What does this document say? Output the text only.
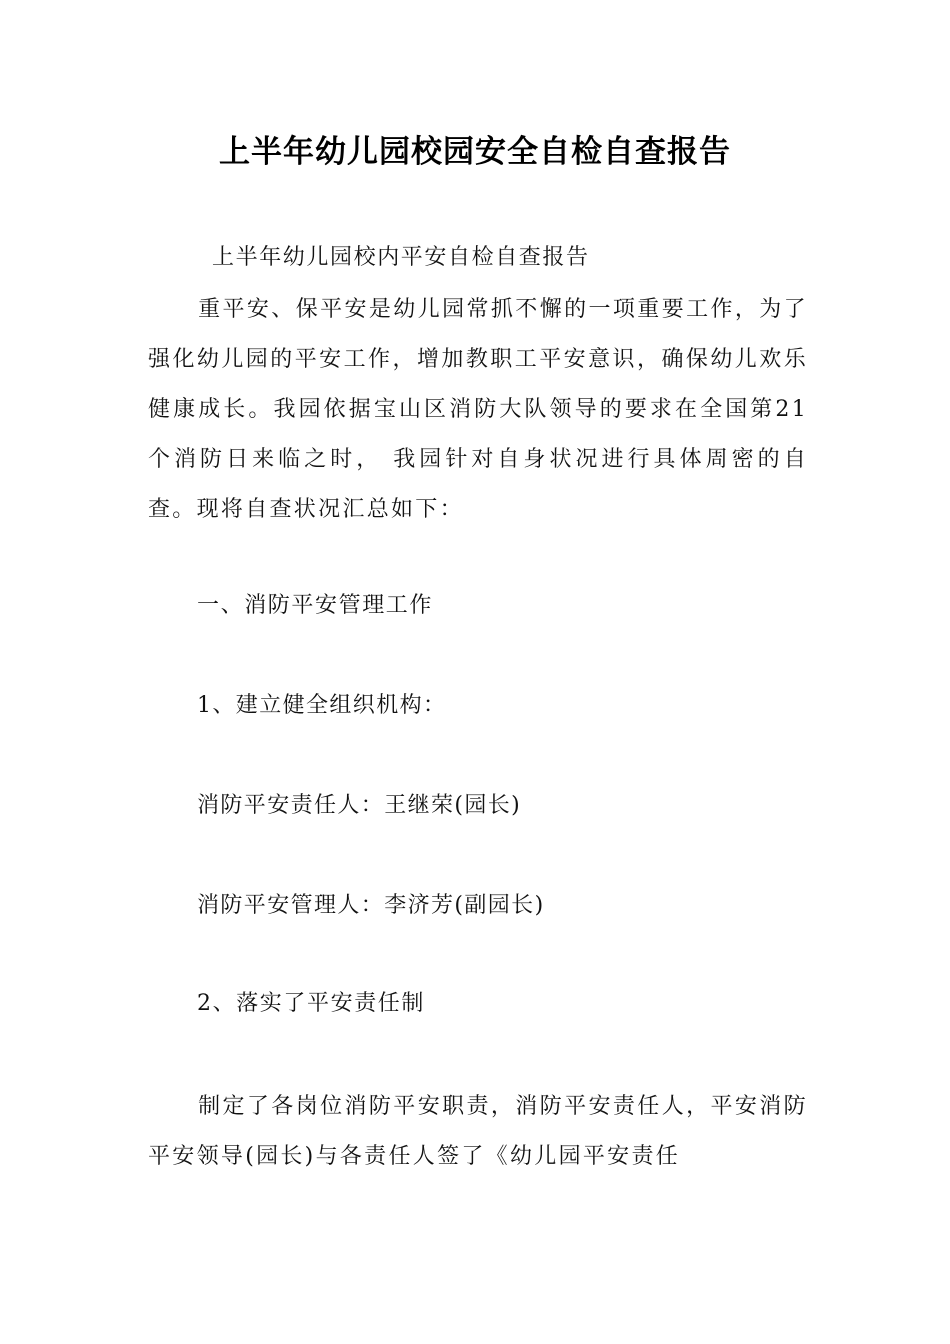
上半年幼儿园校园安全自检自查报告

上半年幼儿园校内平安自检自查报告

重平安、保平安是幼儿园常抓不懈的一项重要工作，为了强化幼儿园的平安工作，增加教职工平安意识，确保幼儿欢乐健康成长。我园依据宝山区消防大队领导的要求在全国第21个消防日来临之时， 我园针对自身状况进行具体周密的自查。现将自查状况汇总如下：

一、消防平安管理工作

1、建立健全组织机构：

消防平安责任人：王继荣(园长)

消防平安管理人：李济芳(副园长)

2、落实了平安责任制

制定了各岗位消防平安职责，消防平安责任人，平安消防平安领导(园长)与各责任人签了《幼儿园平安责任
